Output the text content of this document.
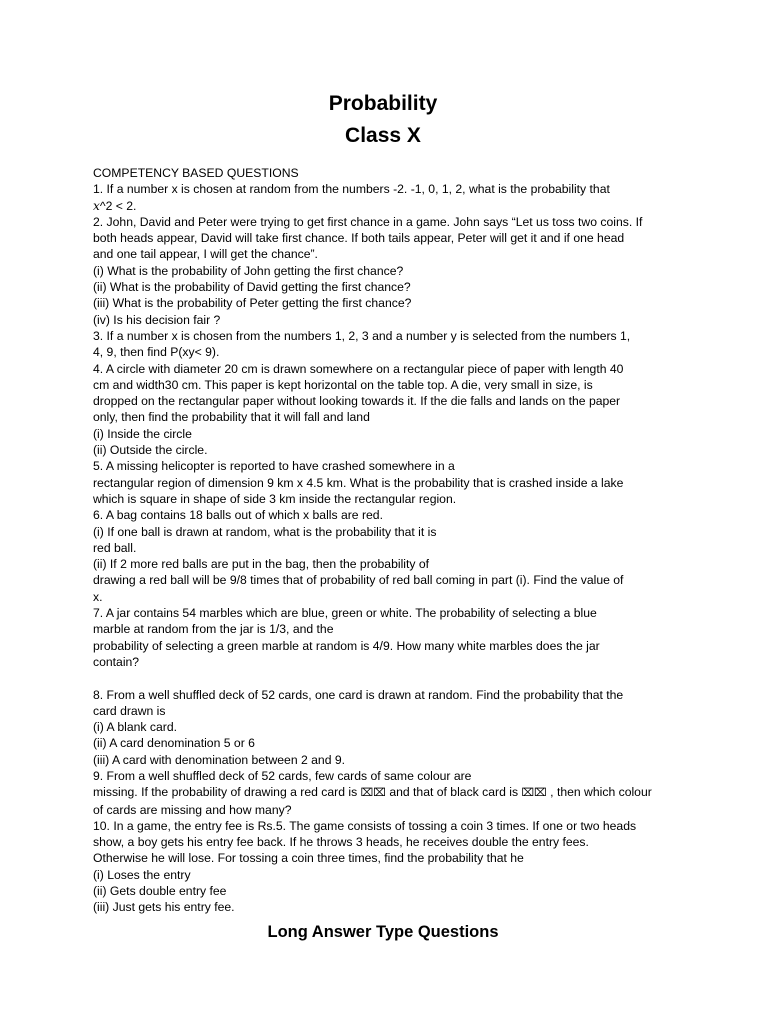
Probability
Class X
COMPETENCY BASED QUESTIONS
1. If a number x is chosen at random from the numbers -2. -1, 0, 1, 2, what is the probability that
x^2 < 2.
2. John, David and Peter were trying to get first chance in a game. John says “Let us toss two coins. If
both heads appear, David will take first chance. If both tails appear, Peter will get it and if one head
and one tail appear, I will get the chance”.
(i) What is the probability of John getting the first chance?
(ii) What is the probability of David getting the first chance?
(iii) What is the probability of Peter getting the first chance?
(iv) Is his decision fair ?
3. If a number x is chosen from the numbers 1, 2, 3 and a number y is selected from the numbers 1,
4, 9, then find P(xy< 9).
4. A circle with diameter 20 cm is drawn somewhere on a rectangular piece of paper with length 40
cm and width30 cm. This paper is kept horizontal on the table top. A die, very small in size, is
dropped on the rectangular paper without looking towards it. If the die falls and lands on the paper
only, then find the probability that it will fall and land
(i) Inside the circle
(ii) Outside the circle.
5. A missing helicopter is reported to have crashed somewhere in a
rectangular region of dimension 9 km x 4.5 km. What is the probability that is crashed inside a lake
which is square in shape of side 3 km inside the rectangular region.
6. A bag contains 18 balls out of which x balls are red.
(i) If one ball is drawn at random, what is the probability that it is
red ball.
(ii) If 2 more red balls are put in the bag, then the probability of
drawing a red ball will be 9/8 times that of probability of red ball coming in part (i). Find the value of
x.
7. A jar contains 54 marbles which are blue, green or white. The probability of selecting a blue
marble at random from the jar is 1/3, and the
probability of selecting a green marble at random is 4/9. How many white marbles does the jar
contain?
8. From a well shuffled deck of 52 cards, one card is drawn at random. Find the probability that the
card drawn is
(i) A blank card.
(ii) A card denomination 5 or 6
(iii) A card with denomination between 2 and 9.
9. From a well shuffled deck of 52 cards, few cards of same colour are
missing. If the probability of drawing a red card is ⌧⌧ and that of black card is ⌧⌧ , then which colour
of cards are missing and how many?
10. In a game, the entry fee is Rs.5. The game consists of tossing a coin 3 times. If one or two heads
show, a boy gets his entry fee back. If he throws 3 heads, he receives double the entry fees.
Otherwise he will lose. For tossing a coin three times, find the probability that he
(i) Loses the entry
(ii) Gets double entry fee
(iii) Just gets his entry fee.
Long Answer Type Questions
